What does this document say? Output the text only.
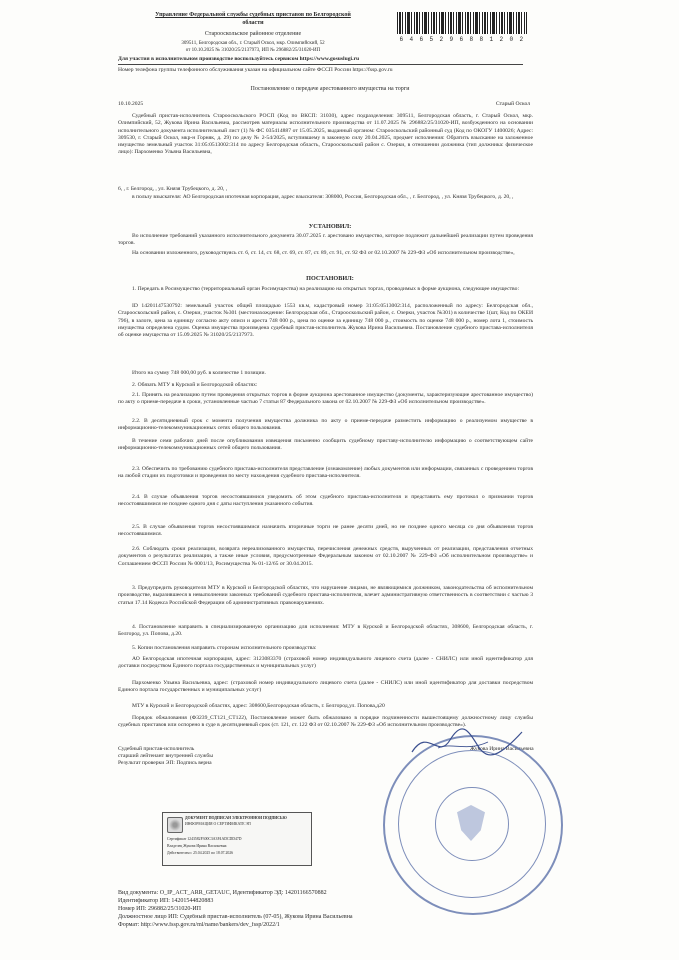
Управление Федеральной службы судебных приставов по Белгородской
области
Старооскольское районное отделение
309511, Белгородская обл., г. Старый Оскол, мкр. Олимпийский, 52
от 10.10.2025 № 31020/25/2137973, ИП № 296882/25/31020-ИП
Для участия в исполнительном производстве воспользуйтесь сервисом https://www.gosuslugi.ru
Номер телефона группы телефонного обслуживания указан на официальном сайте ФССП России https://fssp.gov.ru
6 4 6 5 2 9 6 8 8 1 2 0 2
Постановление о передаче арестованного имущества на торги
10.10.2025	Старый Оскол
Судебный пристав-исполнитель Старооскольского РОСП (Код по ВКСП: 31030), адрес подразделения: 309511, Белгородская область, г. Старый Оскол, мкр. Олимпийский, 52, Жукова Ирина Васильевна, рассмотрев материалы исполнительного производства от 11.07.2025 № 296882/25/31020-ИП, возбужденного на основании исполнительного документа исполнительный лист (1) № ФС 035414887 от 15.05.2025, выданный органом: Старооскольский районный суд (Код по ОКОГУ 1400026; Адрес: 309530, г. Старый Оскол, мкр-н Горняк, д. 29) по делу № 2-54/2025, вступившему в законную силу 20.04.2025, предмет исполнения: Обратить взыскание на заложенное имущество земельный участок 31:05:0513002:314 по адресу Белгородская область, Старооскольский район с. Озерки, в отношении должника (тип должника: физическое лицо): Пархоменко Ульяна Васильевна,
6, , г. Белгород, , ул. Князя Трубецкого, д. 20, ,
в пользу взыскателя: АО Белгородская ипотечная корпорация, адрес взыскателя: 308000, Россия, Белгородская обл., , г. Белгород, , ул. Князя Трубецкого, д. 20, ,
УСТАНОВИЛ:
Во исполнение требований указанного исполнительного документа 30.07.2025 г. арестовано имущество, которое подлежит дальнейшей реализации путем проведения торгов.
На основании изложенного, руководствуясь ст. 6, ст. 14, ст. 68, ст. 69, ст. 87, ст. 89, ст. 91, ст. 92 ФЗ от 02.10.2007 № 229-ФЗ «Об исполнительном производстве»,
ПОСТАНОВИЛ:
1. Передать в Росимущество (территориальный орган Росимущества) на реализацию на открытых торгах, проводимых в форме аукциона, следующее имущество:
ID 14201147530792: земельный участок общей площадью 1553 кв.м, кадастровый номер 31:05:0513002:314, расположенный по адресу: Белгородская обл., Старооскольский район, с. Озерки, участок №301 (местонахождение: Белгородская обл., Старооскольский район, с. Озерки, участок №301) в количестве 1(шт, Код по ОКЕИ 796), в залоге, цена за единицу согласно акту описи и ареста 748 000 р., цена по оценке за единицу 748 000 р., стоимость по оценке 748 000 р., номер лота 1, стоимость имущества определена судом. Оценка имущества произведена судебный пристав-исполнитель Жукова Ирина Васильевна. Постановление судебного пристава-исполнителя об оценке имущества от 15.09.2025 № 31020/25/2137973.
Итого на сумму 748 000,00 руб. в количестве 1 позиции.
2. Обязать МТУ в Курской и Белгородской областях:
2.1. Принять на реализацию путем проведения открытых торгов в форме аукциона арестованное имущество (документы, характеризующие арестованное имущество) по акту о приеме-передаче в сроки, установленные частью 7 статьи 87 Федерального закона от 02.10.2007 № 229-ФЗ «Об исполнительном производстве».
2.2. В десятидневный срок с момента получения имущества должника по акту о приеме-передаче разместить информацию о реализуемом имуществе в информационно-телекоммуникационных сетях общего пользования.
В течение семи рабочих дней после опубликования извещения письменно сообщить судебному приставу-исполнителю информацию о соответствующем сайте информационно-телекоммуникационных сетей общего пользования.
2.3. Обеспечить по требованию судебного пристава-исполнителя представление (ознакомление) любых документов или информации, связанных с проведением торгов на любой стадии их подготовки и проведения по месту нахождения судебного пристава-исполнителя.
2.4. В случае объявления торгов несостоявшимися уведомить об этом судебного пристава-исполнителя и представить ему протокол о признании торгов несостоявшимися не позднее одного дня с даты наступления указанного события.
2.5. В случае объявления торгов несостоявшимися назначить вторичные торги не ранее десяти дней, но не позднее одного месяца со дня объявления торгов несостоявшимися.
2.6. Соблюдать сроки реализации, возврата нереализованного имущества, перечисления денежных средств, вырученных от реализации, представления отчетных документов о результатах реализации, а также иные условия, предусмотренные Федеральным законом от 02.10.2007 № 229-ФЗ «Об исполнительном производстве» и Соглашением ФССП России № 0001/13, Росимущества № 01-12/65 от 30.04.2015.
3. Предупредить руководителя МТУ в Курской и Белгородской областях, что нарушение лицами, не являющимися должником, законодательства об исполнительном производстве, выразившееся в невыполнении законных требований судебного пристава-исполнителя, влечет административную ответственность в соответствии с частью 3 статьи 17.14 Кодекса Российской Федерации об административных правонарушениях.
4. Постановление направить в специализированную организацию для исполнения: МТУ в Курской и Белгородской областях, 308600, Белгородская область, г. Белгород, ул. Попова, д.20.
5. Копии постановления направить сторонам исполнительного производства:
АО Белгородская ипотечная корпорация, адрес: 3123083370 (страховой номер индивидуального лицевого счета (далее - СНИЛС) или иной идентификатор для доставки посредством Единого портала государственных и муниципальных услуг)
Пархоменко Ульяна Васильевна, адрес: (страховой номер индивидуального лицевого счета (далее - СНИЛС) или иной идентификатор для доставки посредством Единого портала государственных и муниципальных услуг)
МТУ в Курской и Белгородской областях, адрес: 308600,Белгородская область, г. Белгород,ул. Попова,д20
Порядок обжалования (Ф3239_СТ121_СТ122), Постановление может быть обжаловано в порядке подчиненности вышестоящему должностному лицу службы судебных приставов или оспорено в суде в десятидневный срок (ст. 121, ст. 122 ФЗ от 02.10.2007 № 229-ФЗ «Об исполнительном производстве»).
Судебный пристав-исполнитель
старший лейтенант внутренней службы
Результат проверки ЭП: Подпись верна
Жукова Ирина Васильевна
ДОКУМЕНТ ПОДПИСАН ЭЛЕКТРОННОЙ ПОДПИСЬЮ
ИНФОРМАЦИЯ О СЕРТИФИКАТЕ ЭП
Сертификат 1243582F300C3A3F4ADCDD47D
Владелец Жукова Ирина Васильевна
Действителен с 25.04.2025 по 18.07.2026
Вид документа: O_IP_ACT_ARR_GETAUC, Идентификатор ЭД: 14201166570882
Идентификатор ИП: 14201544820883
Номер ИП: 296882/25/31020-ИП
Должностное лицо ИП: Судебный пристав-исполнитель (07-05), Жукова Ирина Васильевна
Формат: http://www.fssp.gov.ru/ml/name/bankers/dev_fssp/2022/1
